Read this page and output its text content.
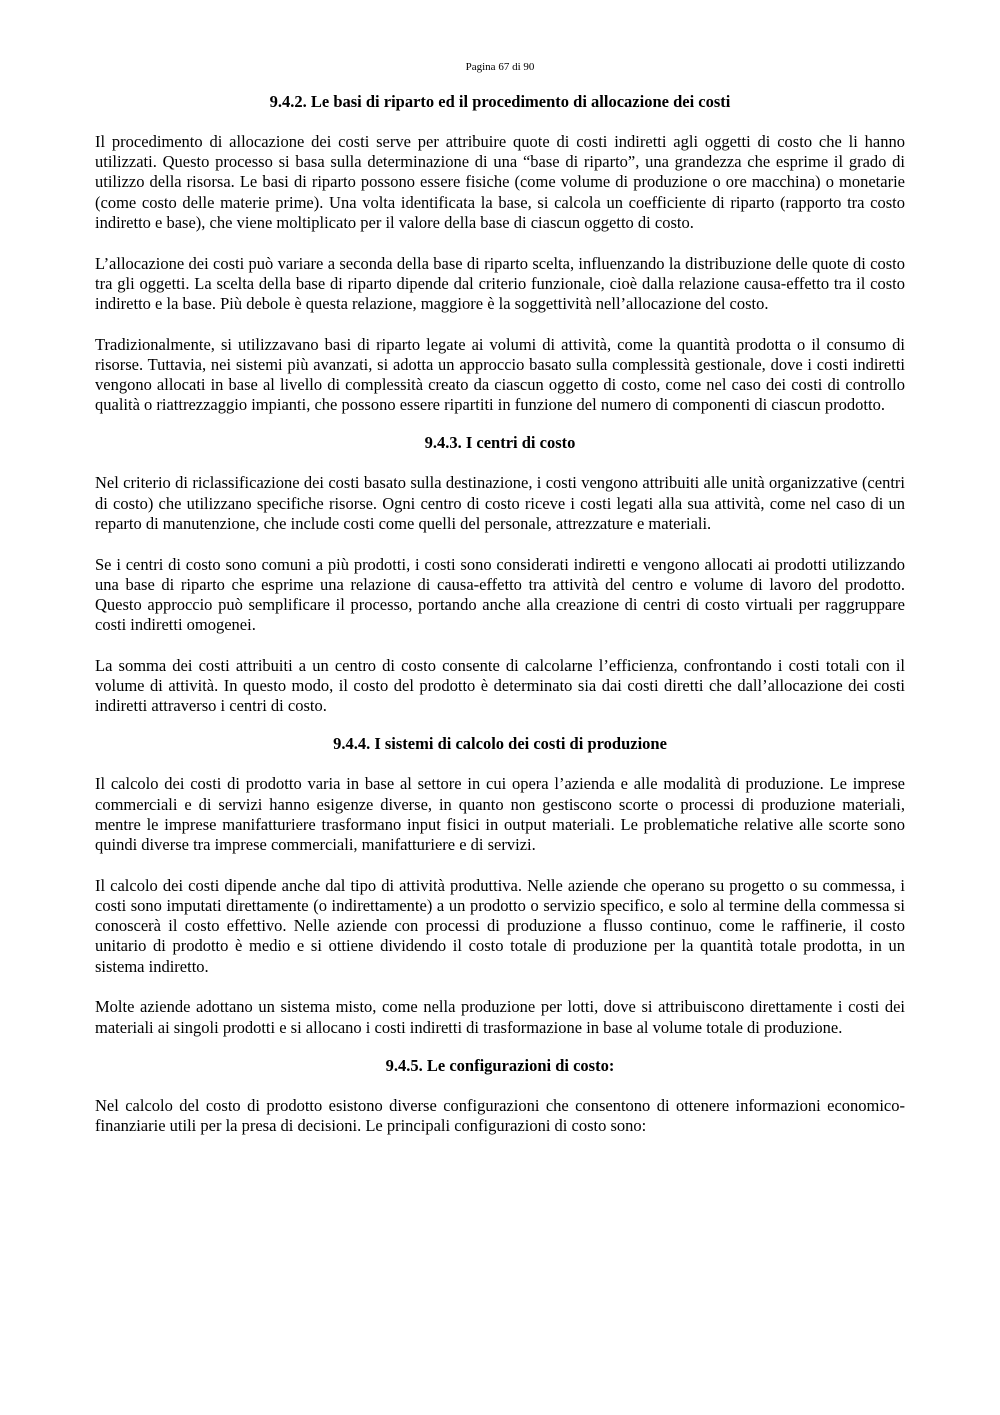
Pagina 67 di 90
9.4.2. Le basi di riparto ed il procedimento di allocazione dei costi

Il procedimento di allocazione dei costi serve per attribuire quote di costi indiretti agli oggetti di costo che li hanno utilizzati. Questo processo si basa sulla determinazione di una “base di riparto”, una grandezza che esprime il grado di utilizzo della risorsa. Le basi di riparto possono essere fisiche (come volume di produzione o ore macchina) o monetarie (come costo delle materie prime). Una volta identificata la base, si calcola un coefficiente di riparto (rapporto tra costo indiretto e base), che viene moltiplicato per il valore della base di ciascun oggetto di costo.

L’allocazione dei costi può variare a seconda della base di riparto scelta, influenzando la distribuzione delle quote di costo tra gli oggetti. La scelta della base di riparto dipende dal criterio funzionale, cioè dalla relazione causa-effetto tra il costo indiretto e la base. Più debole è questa relazione, maggiore è la soggettività nell’allocazione del costo.

Tradizionalmente, si utilizzavano basi di riparto legate ai volumi di attività, come la quantità prodotta o il consumo di risorse. Tuttavia, nei sistemi più avanzati, si adotta un approccio basato sulla complessità gestionale, dove i costi indiretti vengono allocati in base al livello di complessità creato da ciascun oggetto di costo, come nel caso dei costi di controllo qualità o riattrezzaggio impianti, che possono essere ripartiti in funzione del numero di componenti di ciascun prodotto.

9.4.3. I centri di costo

Nel criterio di riclassificazione dei costi basato sulla destinazione, i costi vengono attribuiti alle unità organizzative (centri di costo) che utilizzano specifiche risorse. Ogni centro di costo riceve i costi legati alla sua attività, come nel caso di un reparto di manutenzione, che include costi come quelli del personale, attrezzature e materiali.

Se i centri di costo sono comuni a più prodotti, i costi sono considerati indiretti e vengono allocati ai prodotti utilizzando una base di riparto che esprime una relazione di causa-effetto tra attività del centro e volume di lavoro del prodotto. Questo approccio può semplificare il processo, portando anche alla creazione di centri di costo virtuali per raggruppare costi indiretti omogenei.

La somma dei costi attribuiti a un centro di costo consente di calcolarne l’efficienza, confrontando i costi totali con il volume di attività. In questo modo, il costo del prodotto è determinato sia dai costi diretti che dall’allocazione dei costi indiretti attraverso i centri di costo.

9.4.4. I sistemi di calcolo dei costi di produzione

Il calcolo dei costi di prodotto varia in base al settore in cui opera l’azienda e alle modalità di produzione. Le imprese commerciali e di servizi hanno esigenze diverse, in quanto non gestiscono scorte o processi di produzione materiali, mentre le imprese manifatturiere trasformano input fisici in output materiali. Le problematiche relative alle scorte sono quindi diverse tra imprese commerciali, manifatturiere e di servizi.

Il calcolo dei costi dipende anche dal tipo di attività produttiva. Nelle aziende che operano su progetto o su commessa, i costi sono imputati direttamente (o indirettamente) a un prodotto o servizio specifico, e solo al termine della commessa si conoscerà il costo effettivo. Nelle aziende con processi di produzione a flusso continuo, come le raffinerie, il costo unitario di prodotto è medio e si ottiene dividendo il costo totale di produzione per la quantità totale prodotta, in un sistema indiretto.

Molte aziende adottano un sistema misto, come nella produzione per lotti, dove si attribuiscono direttamente i costi dei materiali ai singoli prodotti e si allocano i costi indiretti di trasformazione in base al volume totale di produzione.

9.4.5. Le configurazioni di costo:

Nel calcolo del costo di prodotto esistono diverse configurazioni che consentono di ottenere informazioni economico-finanziarie utili per la presa di decisioni. Le principali configurazioni di costo sono:
